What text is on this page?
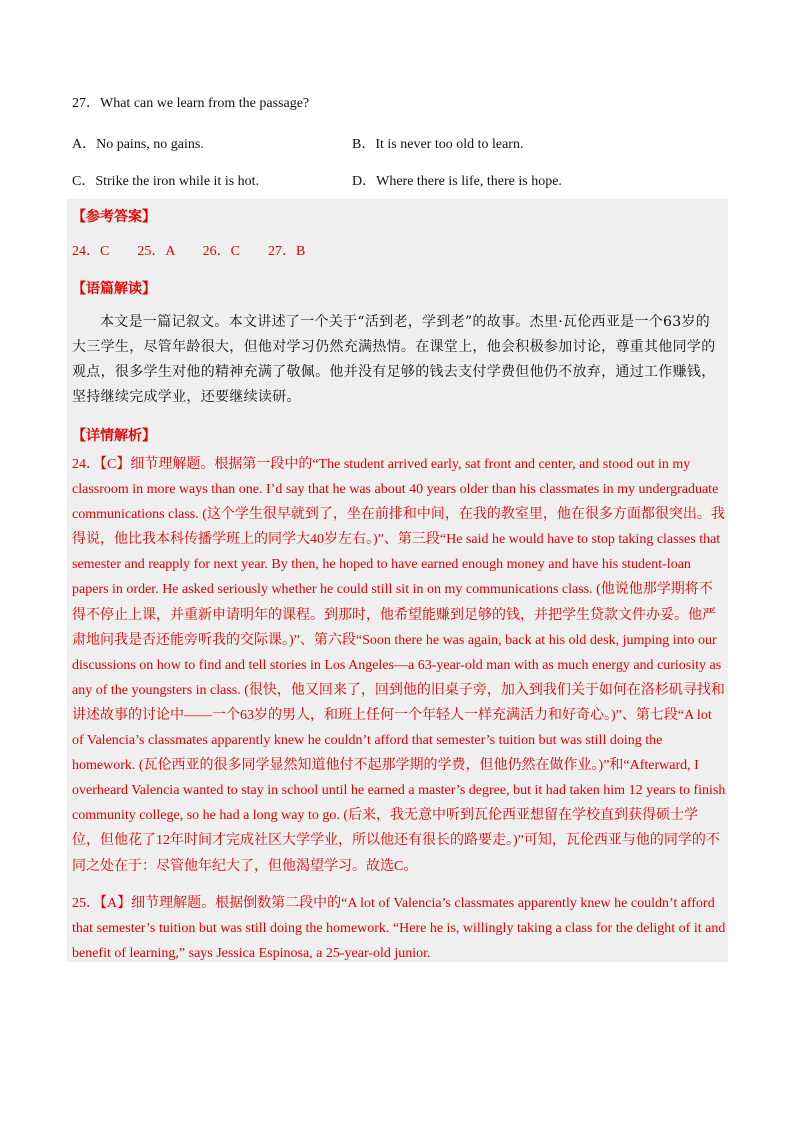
27．What can we learn from the passage?
A．No pains, no gains.	B．It is never too old to learn.
C．Strike the iron while it is hot.	D．Where there is life, there is hope.
【参考答案】
24．C        25．A        26．C        27．B
【语篇解读】
本文是一篇记叙文。本文讲述了一个关于“活到老，学到老”的故事。杰里·瓦伦西亚是一个63岁的大三学生，尽管年龄很大，但他对学习仍然充满热情。在课堂上，他会积极参加讨论，尊重其他同学的观点，很多学生对他的精神充满了敬佩。他并没有足够的钱去支付学费但他仍不放弃，通过工作赚钱，坚持继续完成学业，还要继续读研。
【详情解析】
24．【C】细节理解题。根据第一段中的“The student arrived early, sat front and center, and stood out in my classroom in more ways than one. I’d say that he was about 40 years older than his classmates in my undergraduate communications class. (这个学生很早就到了，坐在前排和中间，在我的教室里，他在很多方面都很突出。我得说，他比我本科传播学班上的同学大40岁左右。)”、第三段“He said he would have to stop taking classes that semester and reapply for next year. By then, he hoped to have earned enough money and have his student-loan papers in order. He asked seriously whether he could still sit in on my communications class. (他说他那学期将不得不停止上课，并重新申请明年的课程。到那时，他希望能赚到足够的钱，并把学生贷款文件办妥。他严肃地问我是否还能旁听我的交际课。)”、第六段“Soon there he was again, back at his old desk, jumping into our discussions on how to find and tell stories in Los Angeles—a 63-year-old man with as much energy and curiosity as any of the youngsters in class. (很快，他又回来了，回到他的旧桌子旁，加入到我们关于如何在洛杉矶寻找和讲述故事的讨论中——一个63岁的男人，和班上任何一个年轻人一样充满活力和好奇心。)”、第七段“A lot of Valencia’s classmates apparently knew he couldn’t afford that semester’s tuition but was still doing the homework. (瓦伦西亚的很多同学显然知道他付不起那学期的学费，但他仍然在做作业。)”和“Afterward, I overheard Valencia wanted to stay in school until he earned a master’s degree, but it had taken him 12 years to finish community college, so he had a long way to go. (后来，我无意中听到瓦伦西亚想留在学校直到获得硕士学位，但他花了12年时间才完成社区大学学业，所以他还有很长的路要走。)”可知，瓦伦西亚与他的同学的不同之处在于：尽管他年纪大了，但他渴望学习。故选C。
25．【A】细节理解题。根据倒数第二段中的“A lot of Valencia’s classmates apparently knew he couldn’t afford that semester’s tuition but was still doing the homework. “Here he is, willingly taking a class for the delight of it and benefit of learning,” says Jessica Espinosa, a 25-year-old junior.
